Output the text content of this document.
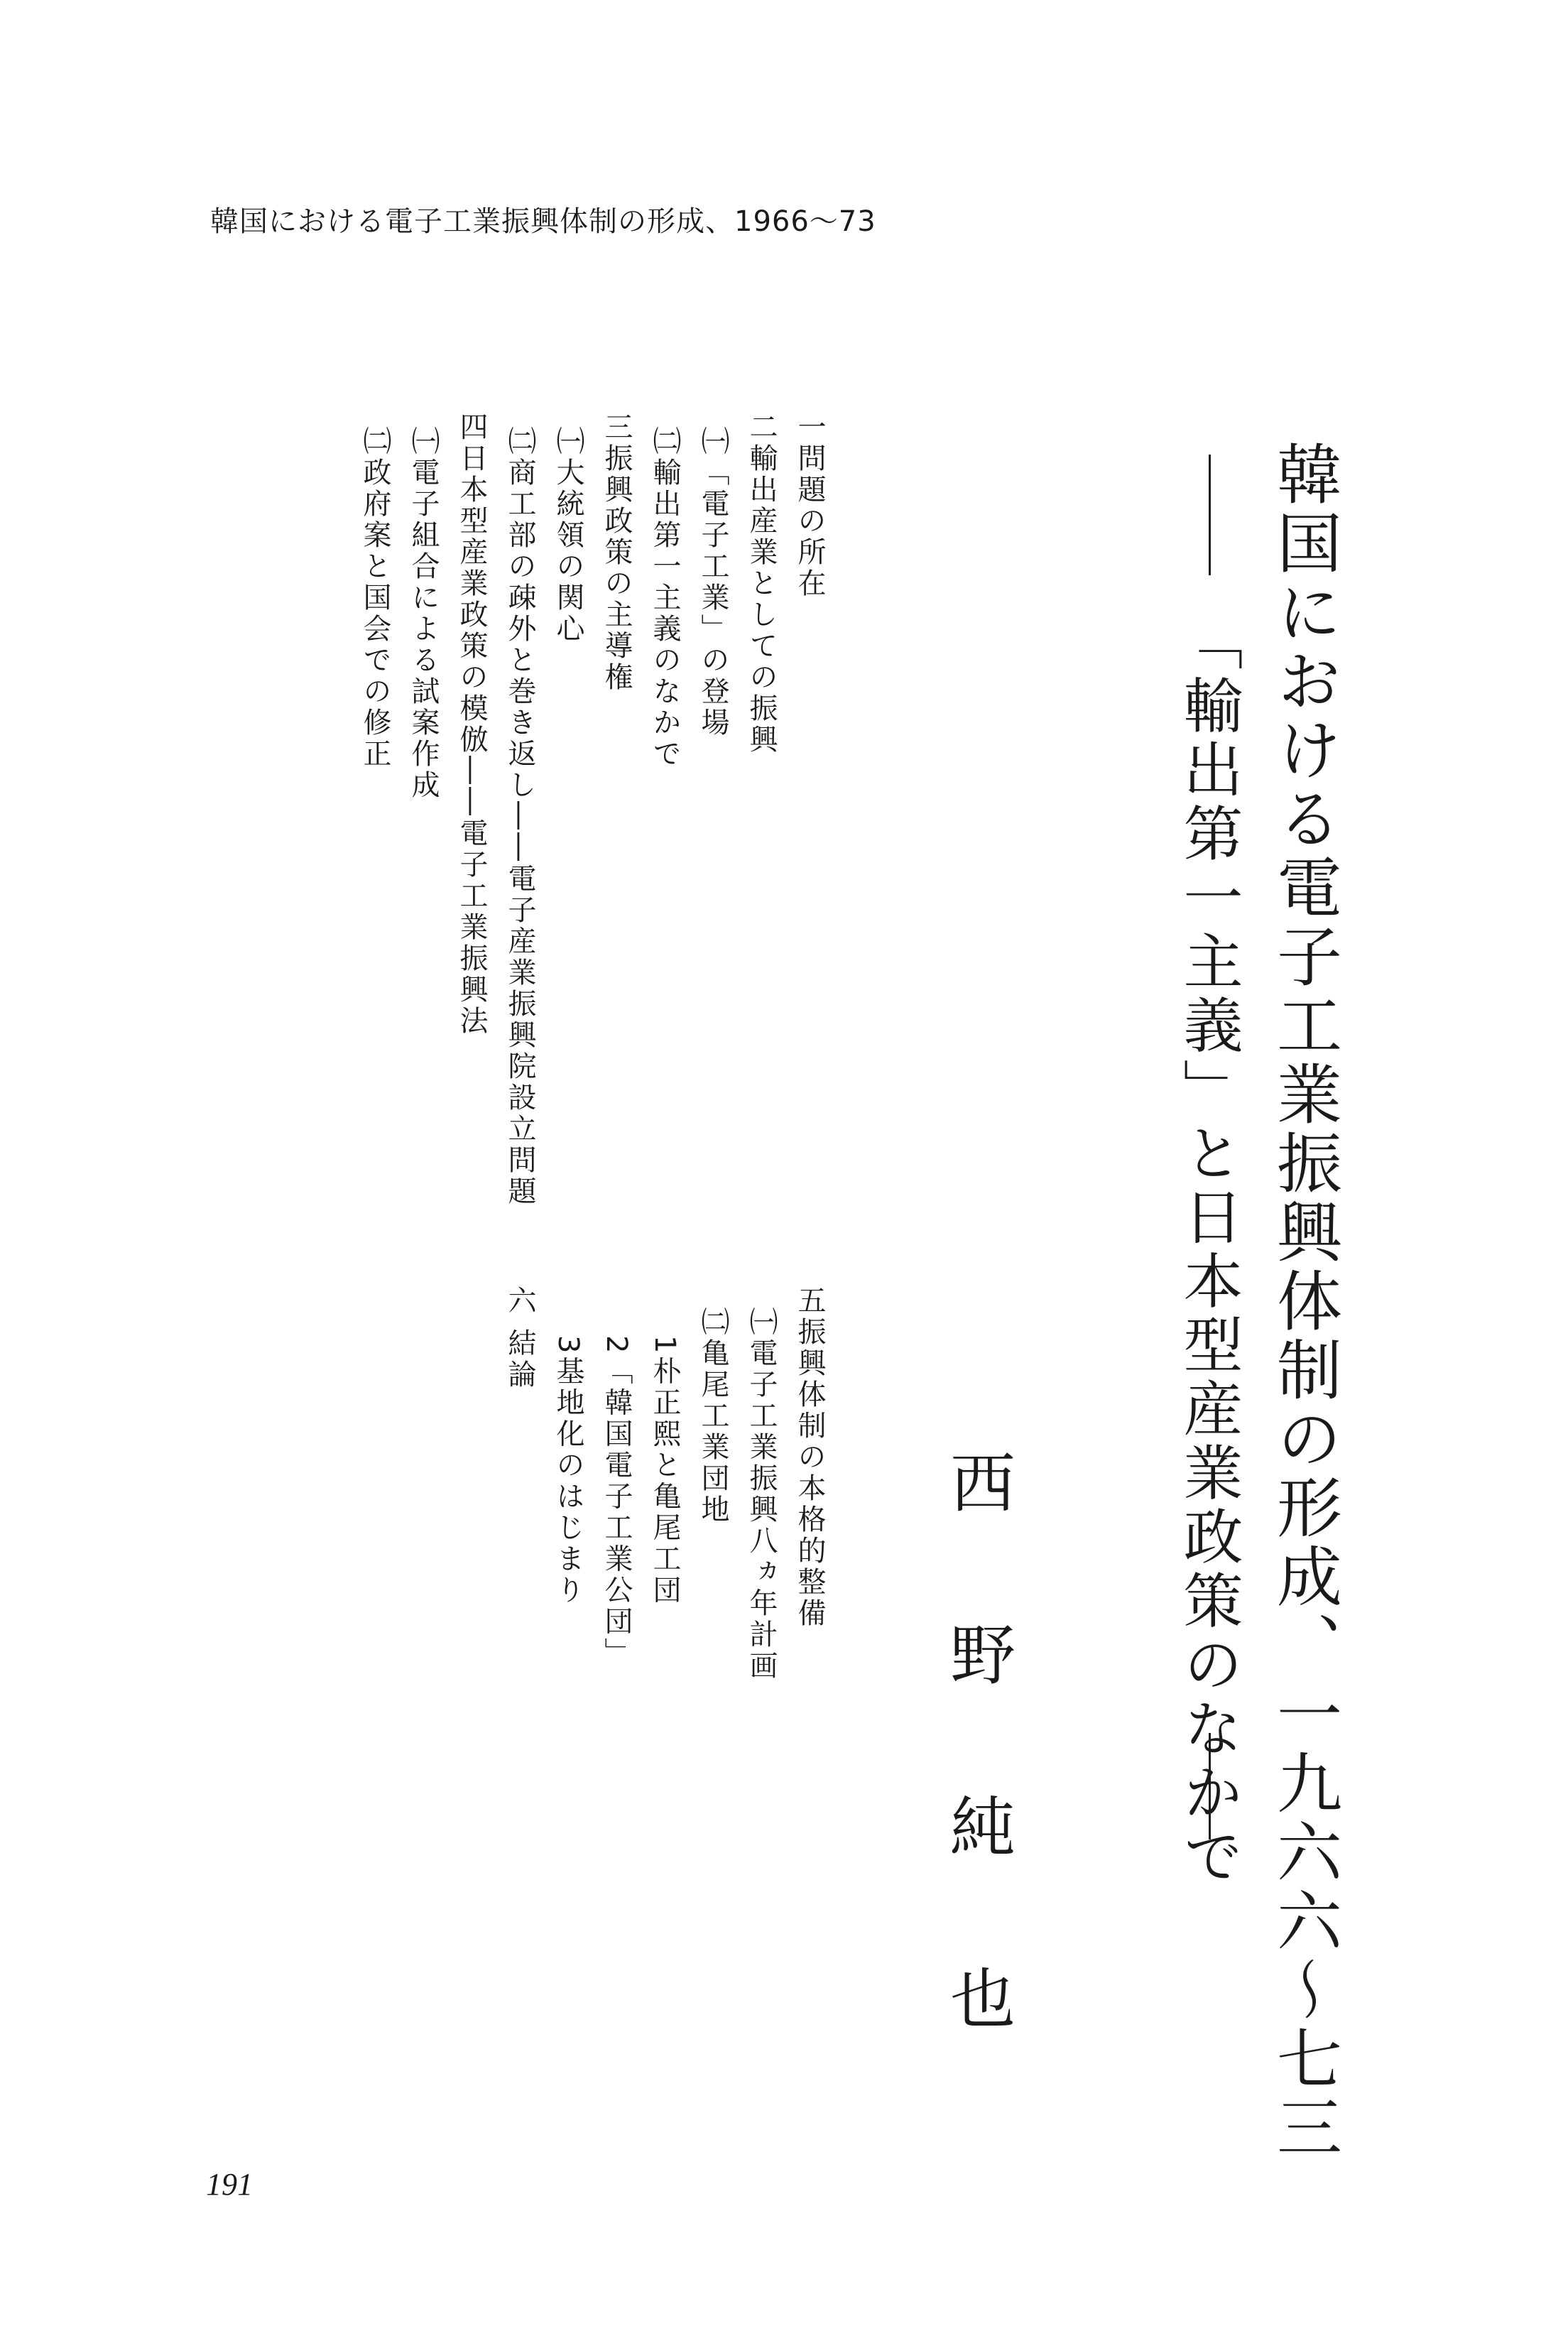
韓国における電子工業振興体制の形成、1966〜73
韓国における電子工業振興体制の形成、一九六六〜七三
「輸出第一主義」と日本型産業政策のなかで
西野純也
一問題の所在
二輸出産業としての振興
㈠「電子工業」の登場
㈡輸出第一主義のなかで
三振興政策の主導権
㈠大統領の関心
㈡商工部の疎外と巻き返し――電子産業振興院設立問題
四日本型産業政策の模倣――電子工業振興法
㈠電子組合による試案作成
㈡政府案と国会での修正
五振興体制の本格的整備
㈠電子工業振興八ヵ年計画
㈡亀尾工業団地
1朴正熙と亀尾工団
2「韓国電子工業公団」
3基地化のはじまり
六結論
191
